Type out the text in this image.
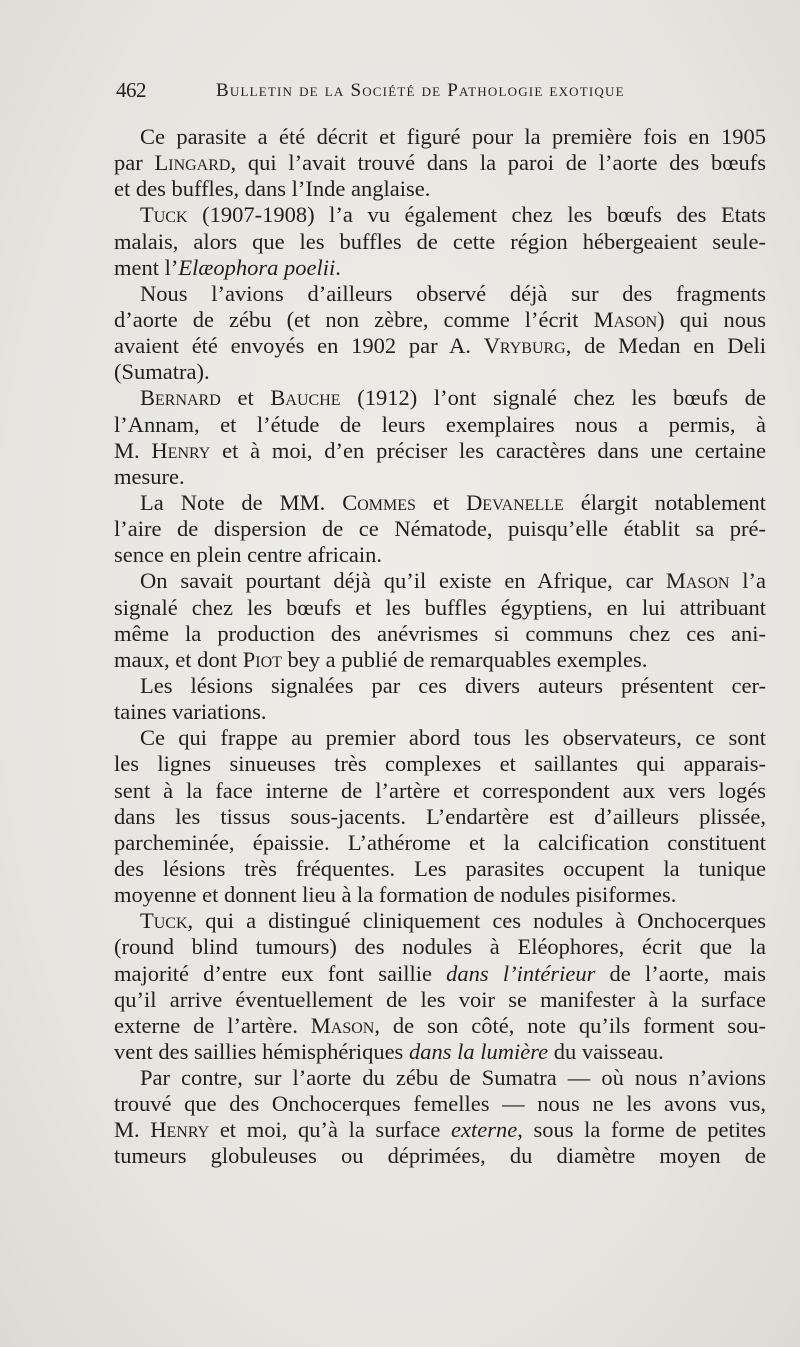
462	Bulletin de la Société de Pathologie exotique

Ce parasite a été décrit et figuré pour la première fois en 1905
par Lingard, qui l’avait trouvé dans la paroi de l’aorte des bœufs
et des buffles, dans l’Inde anglaise.

Tuck (1907-1908) l’a vu également chez les bœufs des Etats
malais, alors que les buffles de cette région hébergeaient seule-
ment l’Elæophora poelii.

Nous l’avions d’ailleurs observé déjà sur des fragments
d’aorte de zébu (et non zèbre, comme l’écrit Mason) qui nous
avaient été envoyés en 1902 par A. Vryburg, de Medan en Deli
(Sumatra).

Bernard et Bauche (1912) l’ont signalé chez les bœufs de
l’Annam, et l’étude de leurs exemplaires nous a permis, à
M. Henry et à moi, d’en préciser les caractères dans une certaine
mesure.

La Note de MM. Commes et Devanelle élargit notablement
l’aire de dispersion de ce Nématode, puisqu’elle établit sa pré-
sence en plein centre africain.

On savait pourtant déjà qu’il existe en Afrique, car Mason l’a
signalé chez les bœufs et les buffles égyptiens, en lui attribuant
même la production des anévrismes si communs chez ces ani-
maux, et dont Piot bey a publié de remarquables exemples.

Les lésions signalées par ces divers auteurs présentent cer-
taines variations.

Ce qui frappe au premier abord tous les observateurs, ce sont
les lignes sinueuses très complexes et saillantes qui apparais-
sent à la face interne de l’artère et correspondent aux vers logés
dans les tissus sous-jacents. L’endartère est d’ailleurs plissée,
parcheminée, épaissie. L’athérome et la calcification constituent
des lésions très fréquentes. Les parasites occupent la tunique
moyenne et donnent lieu à la formation de nodules pisiformes.

Tuck, qui a distingué cliniquement ces nodules à Onchocerques
(round blind tumours) des nodules à Eléophores, écrit que la
majorité d’entre eux font saillie dans l’intérieur de l’aorte, mais
qu’il arrive éventuellement de les voir se manifester à la surface
externe de l’artère. Mason, de son côté, note qu’ils forment sou-
vent des saillies hémisphériques dans la lumière du vaisseau.

Par contre, sur l’aorte du zébu de Sumatra — où nous n’avions
trouvé que des Onchocerques femelles — nous ne les avons vus,
M. Henry et moi, qu’à la surface externe, sous la forme de petites
tumeurs globuleuses ou déprimées, du diamètre moyen de
